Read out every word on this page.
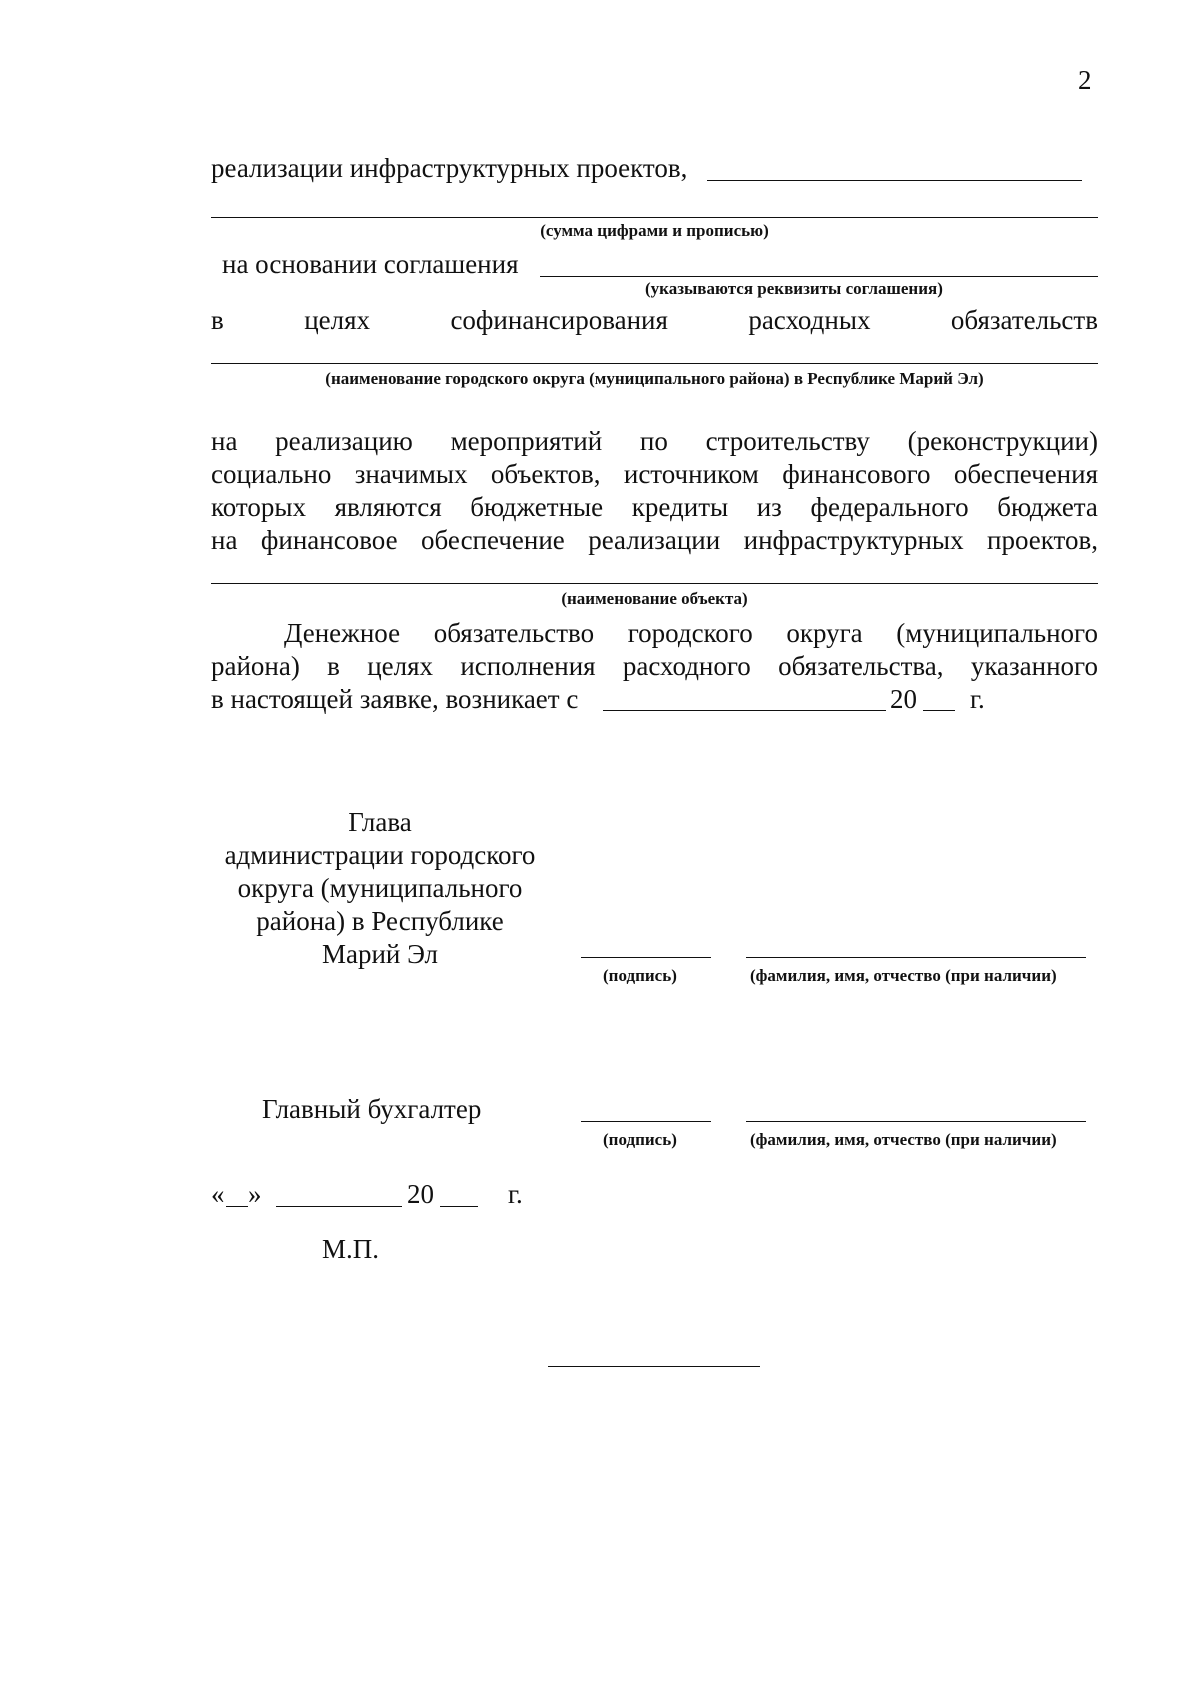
2
реализации инфраструктурных проектов,
(сумма цифрами и прописью)
на основании соглашения
(указываются реквизиты соглашения)
в	целях	софинансирования	расходных	обязательств
(наименование городского округа (муниципального района) в Республике Марий Эл)
на реализацию мероприятий по строительству (реконструкции)
социально значимых объектов, источником финансового обеспечения
которых являются бюджетные кредиты из федерального бюджета
на финансовое обеспечение реализации инфраструктурных проектов,
(наименование объекта)
Денежное обязательство городского округа (муниципального
района) в целях исполнения расходного обязательства, указанного
в настоящей заявке, возникает с	20 г.
Глава
администрации городского
округа (муниципального
района) в Республике
Марий Эл
(подпись)	(фамилия, имя, отчество (при наличии)
Главный бухгалтер
(подпись)	(фамилия, имя, отчество (при наличии)
« »	20	г.
М.П.
